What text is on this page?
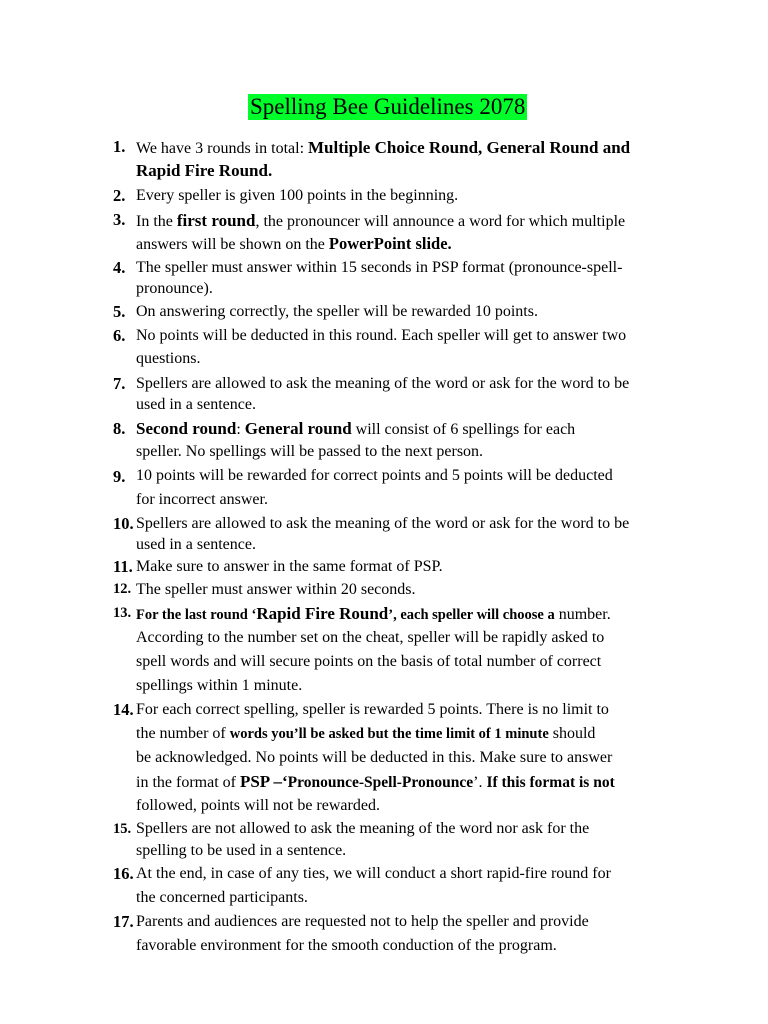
Spelling Bee Guidelines 2078
1. We have 3 rounds in total: Multiple Choice Round, General Round and
Rapid Fire Round.
2. Every speller is given 100 points in the beginning.
3. In the first round, the pronouncer will announce a word for which multiple
answers will be shown on the PowerPoint slide.
4. The speller must answer within 15 seconds in PSP format (pronounce-spell-
pronounce).
5. On answering correctly, the speller will be rewarded 10 points.
6. No points will be deducted in this round. Each speller will get to answer two
questions.
7. Spellers are allowed to ask the meaning of the word or ask for the word to be
used in a sentence.
8. Second round: General round will consist of 6 spellings for each
speller. No spellings will be passed to the next person.
9. 10 points will be rewarded for correct points and 5 points will be deducted
for incorrect answer.
10. Spellers are allowed to ask the meaning of the word or ask for the word to be
used in a sentence.
11. Make sure to answer in the same format of PSP.
12. The speller must answer within 20 seconds.
13. For the last round ‘Rapid Fire Round’, each speller will choose a number.
According to the number set on the cheat, speller will be rapidly asked to
spell words and will secure points on the basis of total number of correct
spellings within 1 minute.
14. For each correct spelling, speller is rewarded 5 points. There is no limit to
the number of words you’ll be asked but the time limit of 1 minute should
be acknowledged. No points will be deducted in this. Make sure to answer
in the format of PSP –‘Pronounce-Spell-Pronounce’. If this format is not
followed, points will not be rewarded.
15. Spellers are not allowed to ask the meaning of the word nor ask for the
spelling to be used in a sentence.
16. At the end, in case of any ties, we will conduct a short rapid-fire round for
the concerned participants.
17. Parents and audiences are requested not to help the speller and provide
favorable environment for the smooth conduction of the program.
